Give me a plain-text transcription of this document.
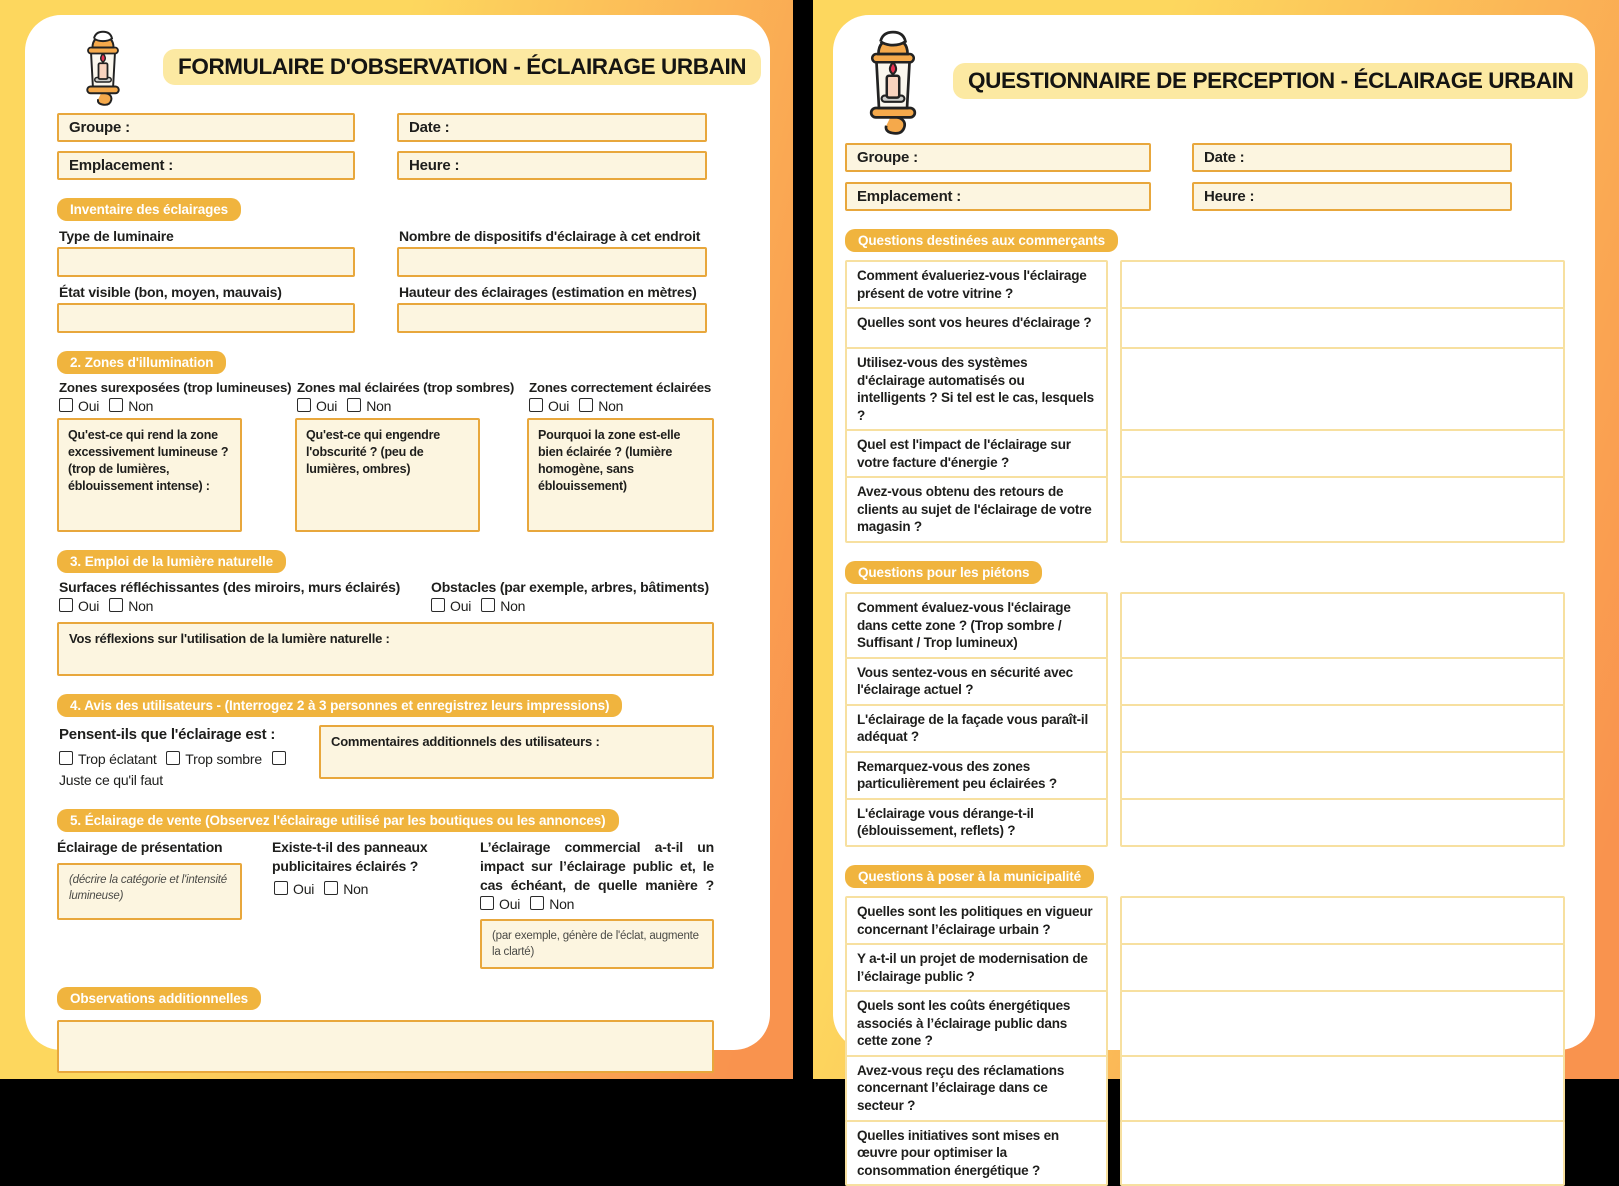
FORMULAIRE D'OBSERVATION - ÉCLAIRAGE URBAIN
Groupe :	Date :
Emplacement :	Heure :
Inventaire des éclairages
Type de luminaire	Nombre de dispositifs d'éclairage à cet endroit
État visible (bon, moyen, mauvais)	Hauteur des éclairages (estimation en mètres)
2. Zones d'illumination
Zones surexposées (trop lumineuses)
Oui Non
Qu'est-ce qui rend la zone excessivement lumineuse ? (trop de lumières, éblouissement intense) :
Zones mal éclairées (trop sombres)
Oui Non
Qu'est-ce qui engendre l'obscurité ? (peu de lumières, ombres)
Zones correctement éclairées
Oui Non
Pourquoi la zone est-elle bien éclairée ? (lumière homogène, sans éblouissement)
3. Emploi de la lumière naturelle
Surfaces réfléchissantes (des miroirs, murs éclairés)
Oui Non
Obstacles (par exemple, arbres, bâtiments)
Oui Non
Vos réflexions sur l'utilisation de la lumière naturelle :
4. Avis des utilisateurs - (Interrogez 2 à 3 personnes et enregistrez leurs impressions)
Pensent-ils que l'éclairage est :
Trop éclatant Trop sombre Juste ce qu'il faut
Commentaires additionnels des utilisateurs :
5. Éclairage de vente (Observez l'éclairage utilisé par les boutiques ou les annonces)
Éclairage de présentation
(décrire la catégorie et l'intensité lumineuse)
Existe-t-il des panneaux publicitaires éclairés ?
Oui Non
L’éclairage commercial a-t-il un impact sur l’éclairage public et, le cas échéant, de quelle manière ? Oui Non
(par exemple, génère de l'éclat, augmente la clarté)
Observations additionnelles
QUESTIONNAIRE DE PERCEPTION - ÉCLAIRAGE URBAIN
Groupe :	Date :
Emplacement :	Heure :
Questions destinées aux commerçants
Comment évalueriez-vous l'éclairage présent de votre vitrine ?
Quelles sont vos heures d'éclairage ?
Utilisez-vous des systèmes d'éclairage automatisés ou intelligents ? Si tel est le cas, lesquels ?
Quel est l'impact de l'éclairage sur votre facture d'énergie ?
Avez-vous obtenu des retours de clients au sujet de l'éclairage de votre magasin ?
Questions pour les piétons
Comment évaluez-vous l'éclairage dans cette zone ? (Trop sombre / Suffisant / Trop lumineux)
Vous sentez-vous en sécurité avec l'éclairage actuel ?
L'éclairage de la façade vous paraît-il adéquat ?
Remarquez-vous des zones particulièrement peu éclairées ?
L'éclairage vous dérange-t-il (éblouissement, reflets) ?
Questions à poser à la municipalité
Quelles sont les politiques en vigueur concernant l’éclairage urbain ?
Y a-t-il un projet de modernisation de l’éclairage public ?
Quels sont les coûts énergétiques associés à l’éclairage public dans cette zone ?
Avez-vous reçu des réclamations concernant l’éclairage dans ce secteur ?
Quelles initiatives sont mises en œuvre pour optimiser la consommation énergétique ?
